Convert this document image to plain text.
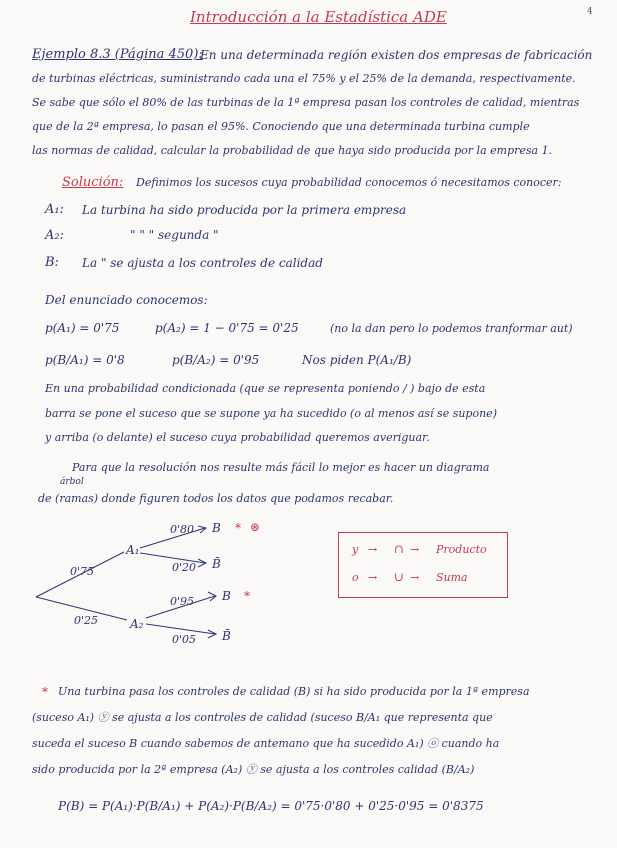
Introducción a la Estadística ADE	4
Ejemplo 8.3 (Página 450):
En una determinada región existen dos empresas de fabricación
de turbinas eléctricas, suministrando cada una el 75% y el 25% de la demanda, respectivamente.
Se sabe que sólo el 80% de las turbinas de la 1ª empresa pasan los controles de calidad, mientras
que de la 2ª empresa, lo pasan el 95%. Conociendo que una determinada turbina cumple
las normas de calidad, calcular la probabilidad de que haya sido producida por la empresa 1.
Solución: Definimos los sucesos cuya probabilidad conocemos ó necesitamos conocer:
A₁: La turbina ha sido producida por la primera empresa
A₂:	" " " segunda "
B: La " se ajusta a los controles de calidad
Del enunciado conocemos:
p(A₁) = 0'75	p(A₂) = 1 − 0'75 = 0'25	(no la dan pero lo podemos tranformar aut)
p(B/A₁) = 0'8	p(B/A₂) = 0'95	Nos piden P(A₁/B)
En una probabilidad condicionada (que se representa poniendo / ) bajo de esta
barra se pone el suceso que se supone ya ha sucedido (o al menos así se supone)
y arriba (o delante) el suceso cuya probabilidad queremos averiguar.
Para que la resolución nos resulte más fácil lo mejor es hacer un diagrama
árbol
de (ramas) donde figuren todos los datos que podamos recabar.
0'75
0'25
A₁
A₂
0'80
0'20
B
B̄
* ⊛
0'95
0'05
B
B̄
*
y → ∩ → Producto
o → ∪ → Suma
* Una turbina pasa los controles de calidad (B) si ha sido producida por la 1ª empresa
(suceso A₁) ⓨ se ajusta a los controles de calidad (suceso B/A₁ que representa que
suceda el suceso B cuando sabemos de antemano que ha sucedido A₁) ⓞ cuando ha
sido producida por la 2ª empresa (A₂) ⓨ se ajusta a los controles calidad (B/A₂)
P(B) = P(A₁)·P(B/A₁) + P(A₂)·P(B/A₂) = 0'75·0'80 + 0'25·0'95 = 0'8375
